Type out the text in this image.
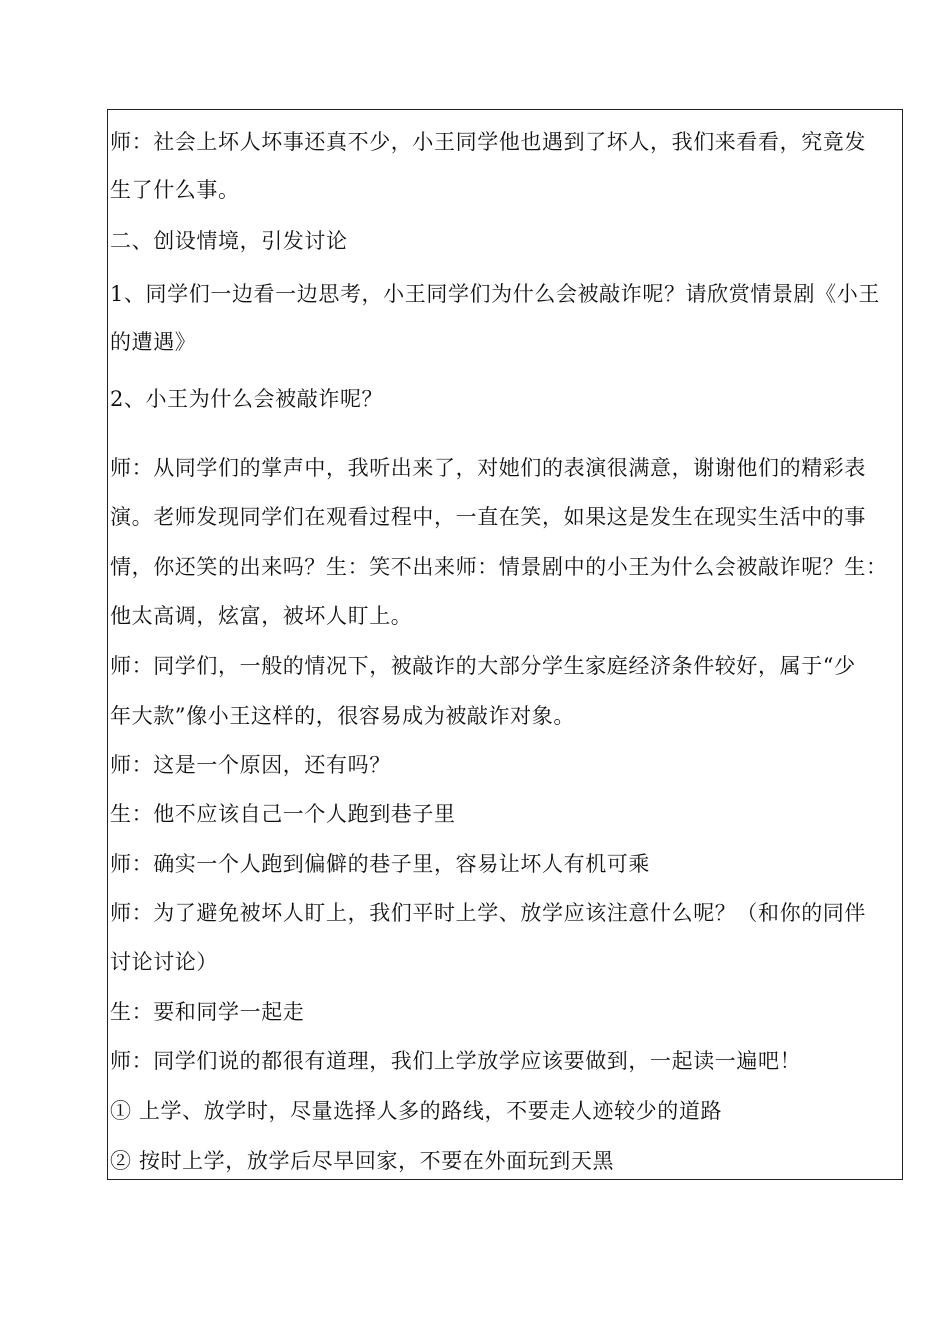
师：社会上坏人坏事还真不少，小王同学他也遇到了坏人，我们来看看，究竟发
生了什么事。
二、创设情境，引发讨论
1、同学们一边看一边思考，小王同学们为什么会被敲诈呢？请欣赏情景剧《小王
的遭遇》
2、小王为什么会被敲诈呢？
师：从同学们的掌声中，我听出来了，对她们的表演很满意，谢谢他们的精彩表
演。老师发现同学们在观看过程中，一直在笑，如果这是发生在现实生活中的事
情，你还笑的出来吗？生：笑不出来师：情景剧中的小王为什么会被敲诈呢？生：
他太高调，炫富，被坏人盯上。
师：同学们，一般的情况下，被敲诈的大部分学生家庭经济条件较好，属于“少
年大款”像小王这样的，很容易成为被敲诈对象。
师：这是一个原因，还有吗？
生：他不应该自己一个人跑到巷子里
师：确实一个人跑到偏僻的巷子里，容易让坏人有机可乘
师：为了避免被坏人盯上，我们平时上学、放学应该注意什么呢？（和你的同伴
讨论讨论）
生：要和同学一起走
师：同学们说的都很有道理，我们上学放学应该要做到，一起读一遍吧！
① 上学、放学时，尽量选择人多的路线，不要走人迹较少的道路
② 按时上学，放学后尽早回家，不要在外面玩到天黑
